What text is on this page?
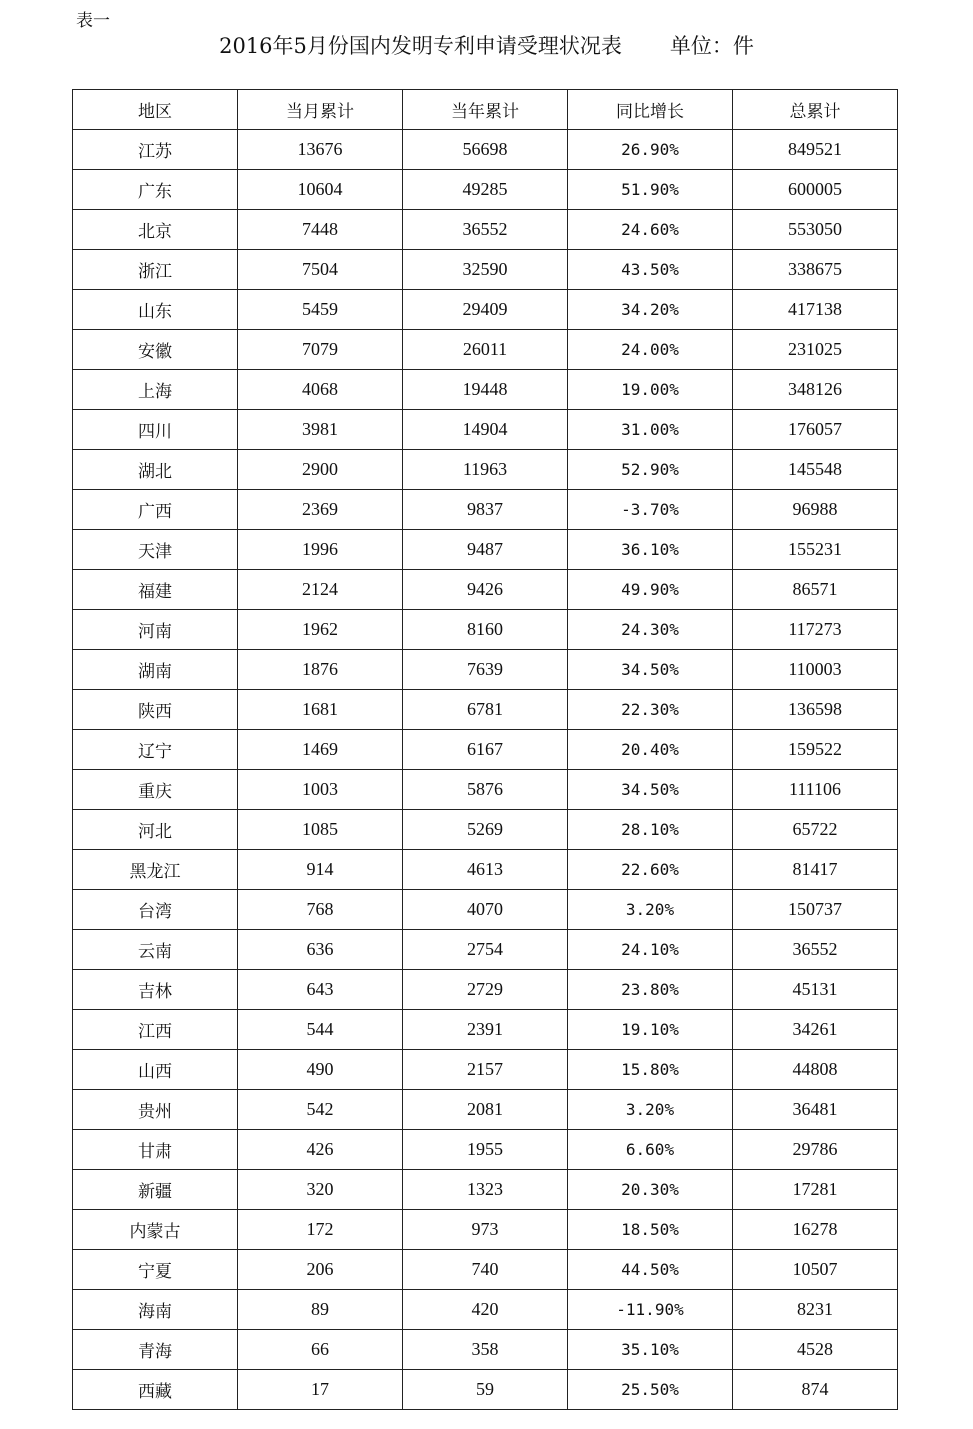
表一
2016年5月份国内发明专利申请受理状况表 单位：件
地区	当月累计	当年累计	同比增长	总累计
江苏	13676	56698	26.90%	849521
广东	10604	49285	51.90%	600005
北京	7448	36552	24.60%	553050
浙江	7504	32590	43.50%	338675
山东	5459	29409	34.20%	417138
安徽	7079	26011	24.00%	231025
上海	4068	19448	19.00%	348126
四川	3981	14904	31.00%	176057
湖北	2900	11963	52.90%	145548
广西	2369	9837	-3.70%	96988
天津	1996	9487	36.10%	155231
福建	2124	9426	49.90%	86571
河南	1962	8160	24.30%	117273
湖南	1876	7639	34.50%	110003
陕西	1681	6781	22.30%	136598
辽宁	1469	6167	20.40%	159522
重庆	1003	5876	34.50%	111106
河北	1085	5269	28.10%	65722
黑龙江	914	4613	22.60%	81417
台湾	768	4070	3.20%	150737
云南	636	2754	24.10%	36552
吉林	643	2729	23.80%	45131
江西	544	2391	19.10%	34261
山西	490	2157	15.80%	44808
贵州	542	2081	3.20%	36481
甘肃	426	1955	6.60%	29786
新疆	320	1323	20.30%	17281
内蒙古	172	973	18.50%	16278
宁夏	206	740	44.50%	10507
海南	89	420	-11.90%	8231
青海	66	358	35.10%	4528
西藏	17	59	25.50%	874
